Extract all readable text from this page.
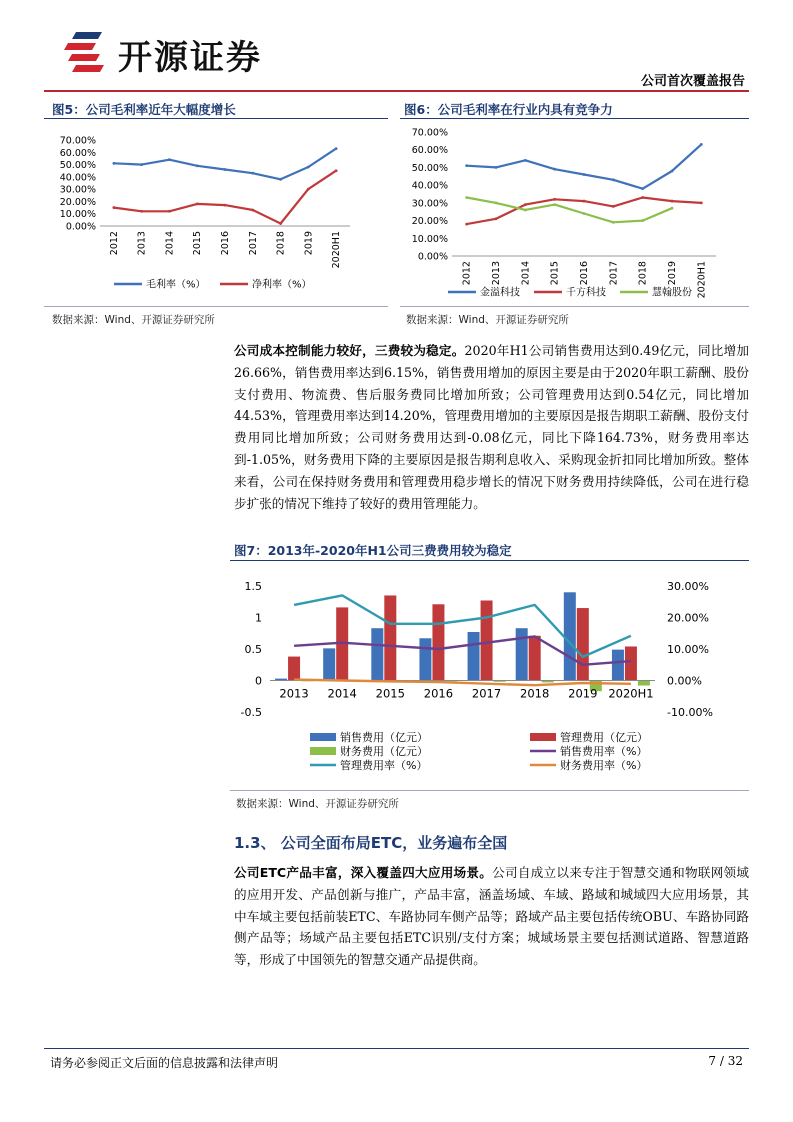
开源证券
公司首次覆盖报告
图5：公司毛利率近年大幅度增长
0.00%
10.00%
20.00%
30.00%
40.00%
50.00%
60.00%
70.00%
2012 2013 2014 2015 2016 2017 2018 2019 2020H1
毛利率（%）	净利率（%）
数据来源：Wind、开源证券研究所
图6：公司毛利率在行业内具有竞争力
0.00%
10.00%
20.00%
30.00%
40.00%
50.00%
60.00%
70.00%
2012 2013 2014 2015 2016 2017 2018 2019 2020H1
金溢科技	千方科技	慧翰股份
数据来源：Wind、开源证券研究所
公司成本控制能力较好，三费较为稳定。2020年H1公司销售费用达到0.49亿元，同比增加26.66%，销售费用率达到6.15%，销售费用增加的原因主要是由于2020年职工薪酬、股份支付费用、物流费、售后服务费同比增加所致；公司管理费用达到0.54亿元，同比增加44.53%，管理费用率达到14.20%，管理费用增加的主要原因是报告期职工薪酬、股份支付费用同比增加所致；公司财务费用达到-0.08亿元，同比下降164.73%，财务费用率达到-1.05%，财务费用下降的主要原因是报告期利息收入、采购现金折扣同比增加所致。整体来看，公司在保持财务费用和管理费用稳步增长的情况下财务费用持续降低，公司在进行稳步扩张的情况下维持了较好的费用管理能力。
图7：2013年-2020年H1公司三费费用较为稳定
-0.5
0
0.5
1
1.5
-10.00%
0.00%
10.00%
20.00%
30.00%
2013 2014 2015 2016 2017 2018 2019 2020H1
销售费用（亿元）	管理费用（亿元）
财务费用（亿元）	销售费用率（%）
管理费用率（%）	财务费用率（%）
数据来源：Wind、开源证券研究所
1.3、 公司全面布局ETC，业务遍布全国
公司ETC产品丰富，深入覆盖四大应用场景。公司自成立以来专注于智慧交通和物联网领域的应用开发、产品创新与推广，产品丰富，涵盖场域、车域、路域和城域四大应用场景，其中车域主要包括前装ETC、车路协同车侧产品等；路域产品主要包括传统OBU、车路协同路侧产品等；场域产品主要包括ETC识别/支付方案；城域场景主要包括测试道路、智慧道路等，形成了中国领先的智慧交通产品提供商。
请务必参阅正文后面的信息披露和法律声明	7 / 32
